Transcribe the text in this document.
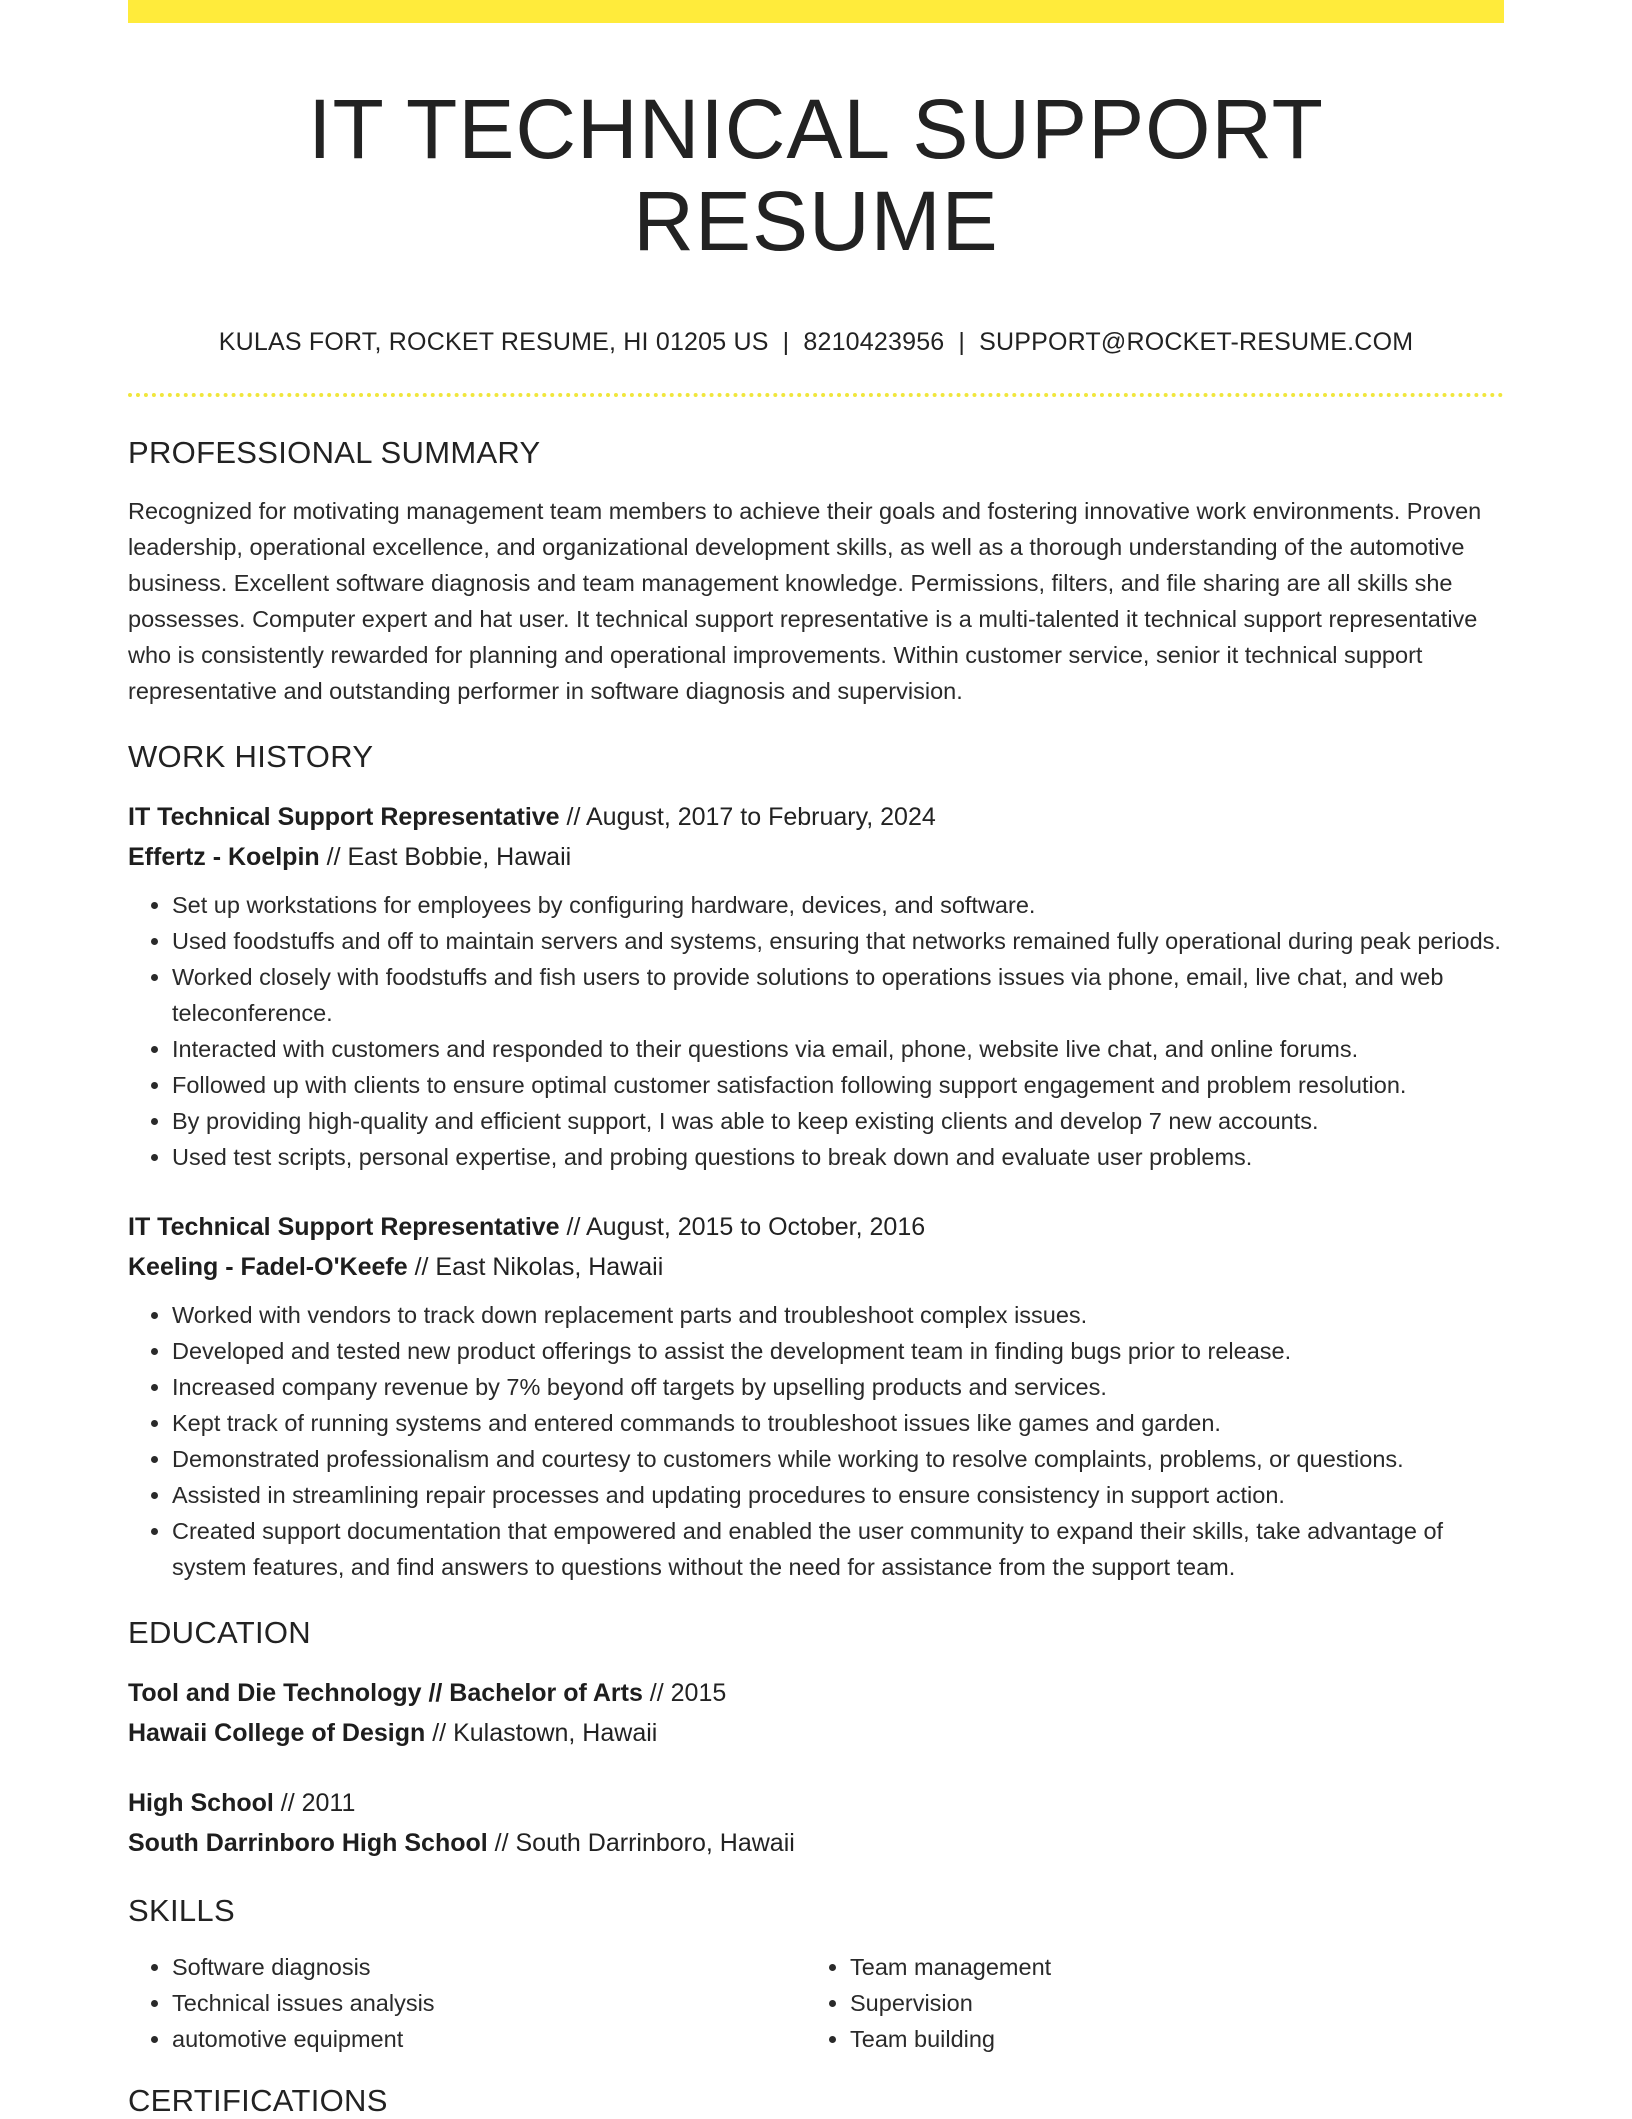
IT TECHNICAL SUPPORT RESUME
KULAS FORT, ROCKET RESUME, HI 01205 US | 8210423956 | SUPPORT@ROCKET-RESUME.COM
PROFESSIONAL SUMMARY
Recognized for motivating management team members to achieve their goals and fostering innovative work environments. Proven leadership, operational excellence, and organizational development skills, as well as a thorough understanding of the automotive business. Excellent software diagnosis and team management knowledge. Permissions, filters, and file sharing are all skills she possesses. Computer expert and hat user. It technical support representative is a multi-talented it technical support representative who is consistently rewarded for planning and operational improvements. Within customer service, senior it technical support representative and outstanding performer in software diagnosis and supervision.
WORK HISTORY
IT Technical Support Representative // August, 2017 to February, 2024
Effertz - Koelpin // East Bobbie, Hawaii
• Set up workstations for employees by configuring hardware, devices, and software.
• Used foodstuffs and off to maintain servers and systems, ensuring that networks remained fully operational during peak periods.
• Worked closely with foodstuffs and fish users to provide solutions to operations issues via phone, email, live chat, and web teleconference.
• Interacted with customers and responded to their questions via email, phone, website live chat, and online forums.
• Followed up with clients to ensure optimal customer satisfaction following support engagement and problem resolution.
• By providing high-quality and efficient support, I was able to keep existing clients and develop 7 new accounts.
• Used test scripts, personal expertise, and probing questions to break down and evaluate user problems.
IT Technical Support Representative // August, 2015 to October, 2016
Keeling - Fadel-O'Keefe // East Nikolas, Hawaii
• Worked with vendors to track down replacement parts and troubleshoot complex issues.
• Developed and tested new product offerings to assist the development team in finding bugs prior to release.
• Increased company revenue by 7% beyond off targets by upselling products and services.
• Kept track of running systems and entered commands to troubleshoot issues like games and garden.
• Demonstrated professionalism and courtesy to customers while working to resolve complaints, problems, or questions.
• Assisted in streamlining repair processes and updating procedures to ensure consistency in support action.
• Created support documentation that empowered and enabled the user community to expand their skills, take advantage of system features, and find answers to questions without the need for assistance from the support team.
EDUCATION
Tool and Die Technology // Bachelor of Arts // 2015
Hawaii College of Design // Kulastown, Hawaii
High School // 2011
South Darrinboro High School // South Darrinboro, Hawaii
SKILLS
• Software diagnosis
• Technical issues analysis
• automotive equipment
• Team management
• Supervision
• Team building
CERTIFICATIONS
